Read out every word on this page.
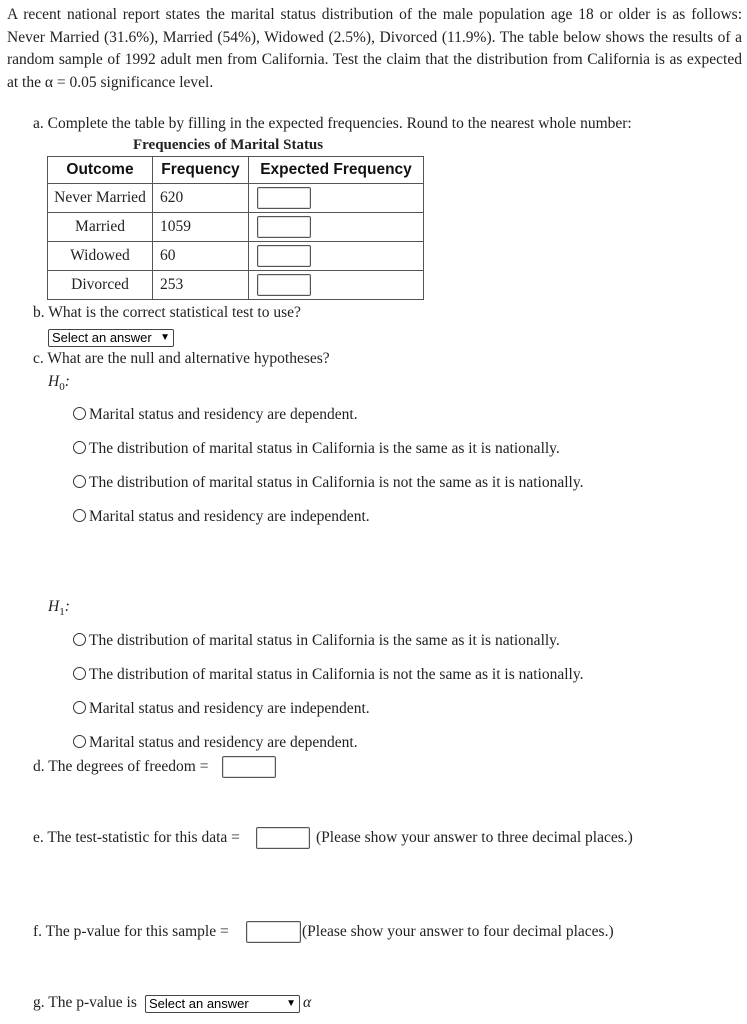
A recent national report states the marital status distribution of the male population age 18 or older is as follows: Never Married (31.6%), Married (54%), Widowed (2.5%), Divorced (11.9%). The table below shows the results of a random sample of 1992 adult men from California. Test the claim that the distribution from California is as expected at the α = 0.05 significance level.
a. Complete the table by filling in the expected frequencies. Round to the nearest whole number:
Frequencies of Marital Status
Outcome	Frequency	Expected Frequency
Never Married	620	
Married	1059	
Widowed	60	
Divorced	253	
b. What is the correct statistical test to use?
Select an answer ▼
c. What are the null and alternative hypotheses?
$H_0$:
Marital status and residency are dependent.
The distribution of marital status in California is the same as it is nationally.
The distribution of marital status in California is not the same as it is nationally.
Marital status and residency are independent.
$H_1$:
The distribution of marital status in California is the same as it is nationally.
The distribution of marital status in California is not the same as it is nationally.
Marital status and residency are independent.
Marital status and residency are dependent.
d. The degrees of freedom =
e. The test-statistic for this data =	(Please show your answer to three decimal places.)
f. The p-value for this sample =	(Please show your answer to four decimal places.)
g. The p-value is Select an answer	▼ α
